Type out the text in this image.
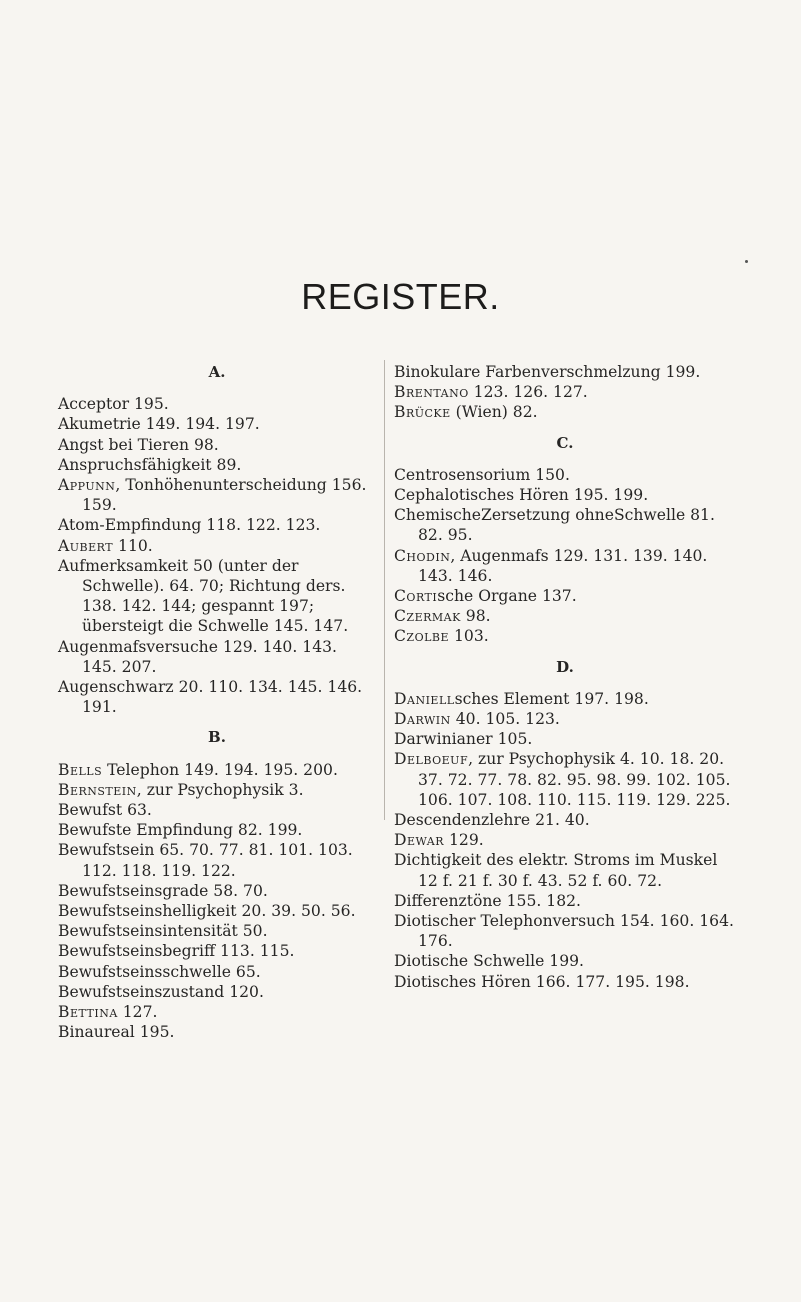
REGISTER.
A.

Acceptor 195.

Akumetrie 149. 194. 197.

Angst bei Tieren 98.

Anspruchsfähigkeit 89.

Appunn, Tonhöhenunterscheidung 156. 159.

Atom-Empfindung 118. 122. 123.

Aubert 110.

Aufmerksamkeit 50 (unter der Schwelle). 64. 70; Richtung ders. 138. 142. 144; gespannt 197; übersteigt die Schwelle 145. 147.

Augenmafsversuche 129. 140. 143. 145. 207.

Augenschwarz 20. 110. 134. 145. 146. 191.

B.

Bells Telephon 149. 194. 195. 200.

Bernstein, zur Psychophysik 3.

Bewufst 63.

Bewufste Empfindung 82. 199.

Bewufstsein 65. 70. 77. 81. 101. 103. 112. 118. 119. 122.

Bewufstseinsgrade 58. 70.

Bewufstseinshelligkeit 20. 39. 50. 56.

Bewufstseinsintensität 50.

Bewufstseinsbegriff 113. 115.

Bewufstseinsschwelle 65.

Bewufstseinszustand 120.

Bettina 127.

Binaureal 195.

Binokulare Farbenverschmelzung 199.

Brentano 123. 126. 127.

Brücke (Wien) 82.

C.

Centrosensorium 150.

Cephalotisches Hören 195. 199.

ChemischeZersetzung ohneSchwelle 81. 82. 95.

Chodin, Augenmafs 129. 131. 139. 140. 143. 146.

Cortische Organe 137.

Czermak 98.

Czolbe 103.

D.

Daniellsches Element 197. 198.

Darwin 40. 105. 123.

Darwinianer 105.

Delboeuf, zur Psychophysik 4. 10. 18. 20. 37. 72. 77. 78. 82. 95. 98. 99. 102. 105. 106. 107. 108. 110. 115. 119. 129. 225.

Descendenzlehre 21. 40.

Dewar 129.

Dichtigkeit des elektr. Stroms im Muskel 12 f. 21 f. 30 f. 43. 52 f. 60. 72.

Differenztöne 155. 182.

Diotischer Telephonversuch 154. 160. 164. 176.

Diotische Schwelle 199.

Diotisches Hören 166. 177. 195. 198.
